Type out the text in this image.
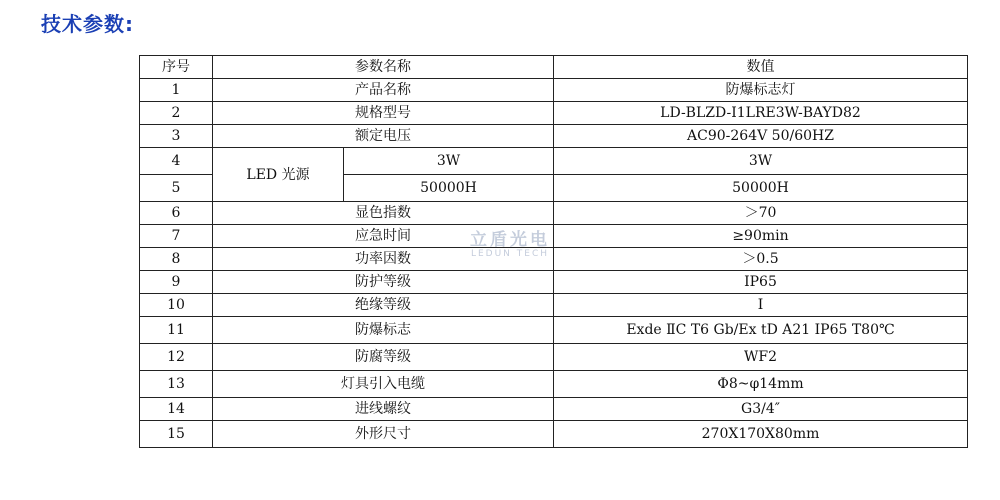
技术参数:
序号	参数名称		数值
1	产品名称		防爆标志灯
2	规格型号		LD-BLZD-I1LRE3W-BAYD82
3	额定电压		AC90-264V 50/60HZ
4	LED 光源	3W	3W
5		50000H	50000H
6	显色指数		＞70
7	应急时间		≥90min
8	功率因数		＞0.5
9	防护等级		IP65
10	绝缘等级		I
11	防爆标志		Exde ⅡC T6 Gb/Ex tD A21 IP65 T80℃
12	防腐等级		WF2
13	灯具引入电缆		Φ8~φ14mm
14	进线螺纹		G3/4″
15	外形尺寸		270X170X80mm
立盾光电
LEDUN TECH
